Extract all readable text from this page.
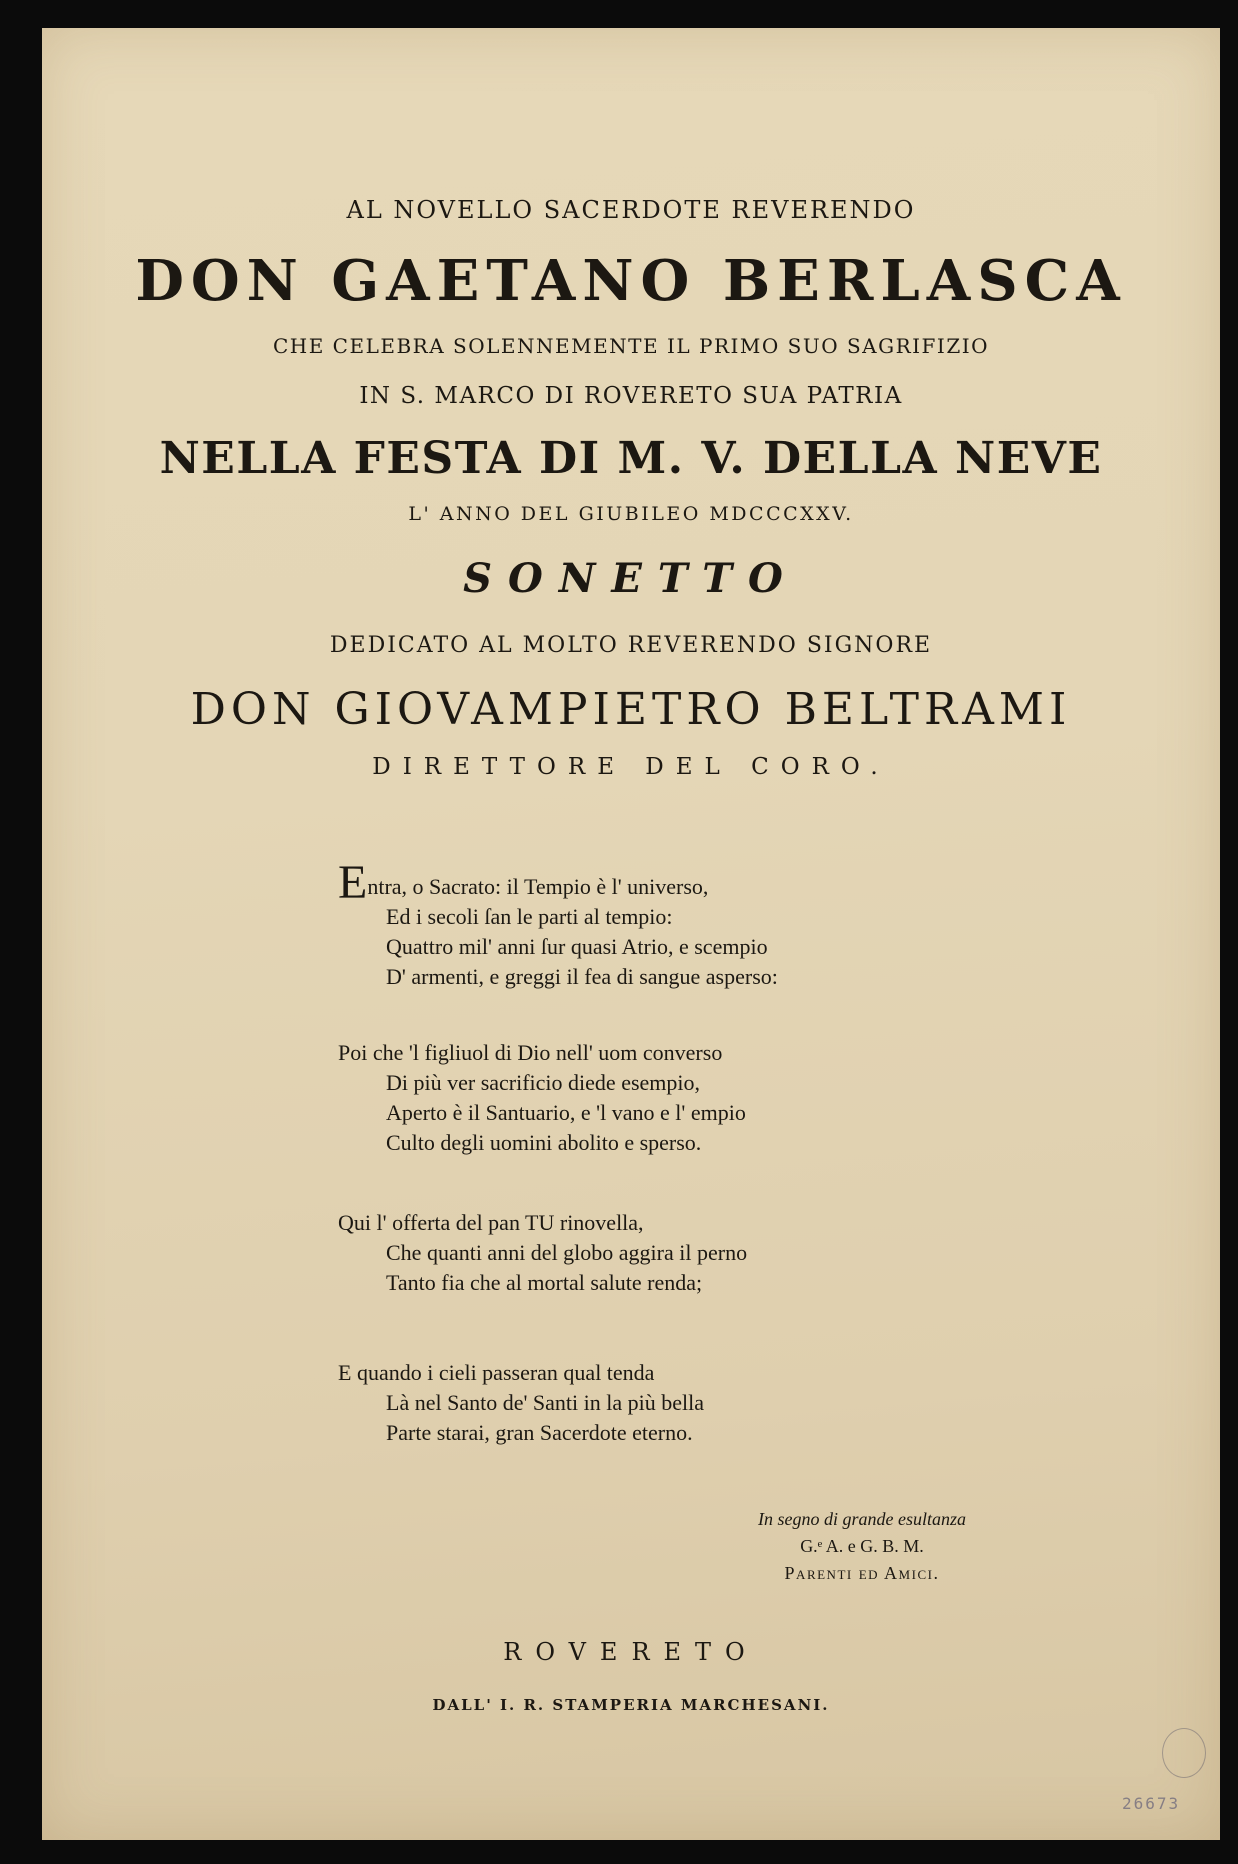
AL NOVELLO SACERDOTE REVERENDO
DON GAETANO BERLASCA
CHE CELEBRA SOLENNEMENTE IL PRIMO SUO SAGRIFIZIO
IN S. MARCO DI ROVERETO SUA PATRIA
NELLA FESTA DI M. V. DELLA NEVE
L' ANNO DEL GIUBILEO MDCCCXXV.
SONETTO
DEDICATO AL MOLTO REVERENDO SIGNORE
DON GIOVAMPIETRO BELTRAMI
DIRETTORE DEL CORO.
Entra, o Sacrato: il Tempio è l' universo,
Ed i secoli ſan le parti al tempio:
Quattro mil' anni ſur quasi Atrio, e scempio
D' armenti, e greggi il fea di sangue asperso:
Poi che 'l figliuol di Dio nell' uom converso
Di più ver sacrificio diede esempio,
Aperto è il Santuario, e 'l vano e l' empio
Culto degli uomini abolito e sperso.
Qui l' offerta del pan TU rinovella,
Che quanti anni del globo aggira il perno
Tanto fia che al mortal salute renda;
E quando i cieli passeran qual tenda
Là nel Santo de' Santi in la più bella
Parte starai, gran Sacerdote eterno.
In segno di grande esultanza
G.ᵉ A. e G. B. M.
Parenti ed Amici.
ROVERETO
DALL' I. R. STAMPERIA MARCHESANI.
26673
